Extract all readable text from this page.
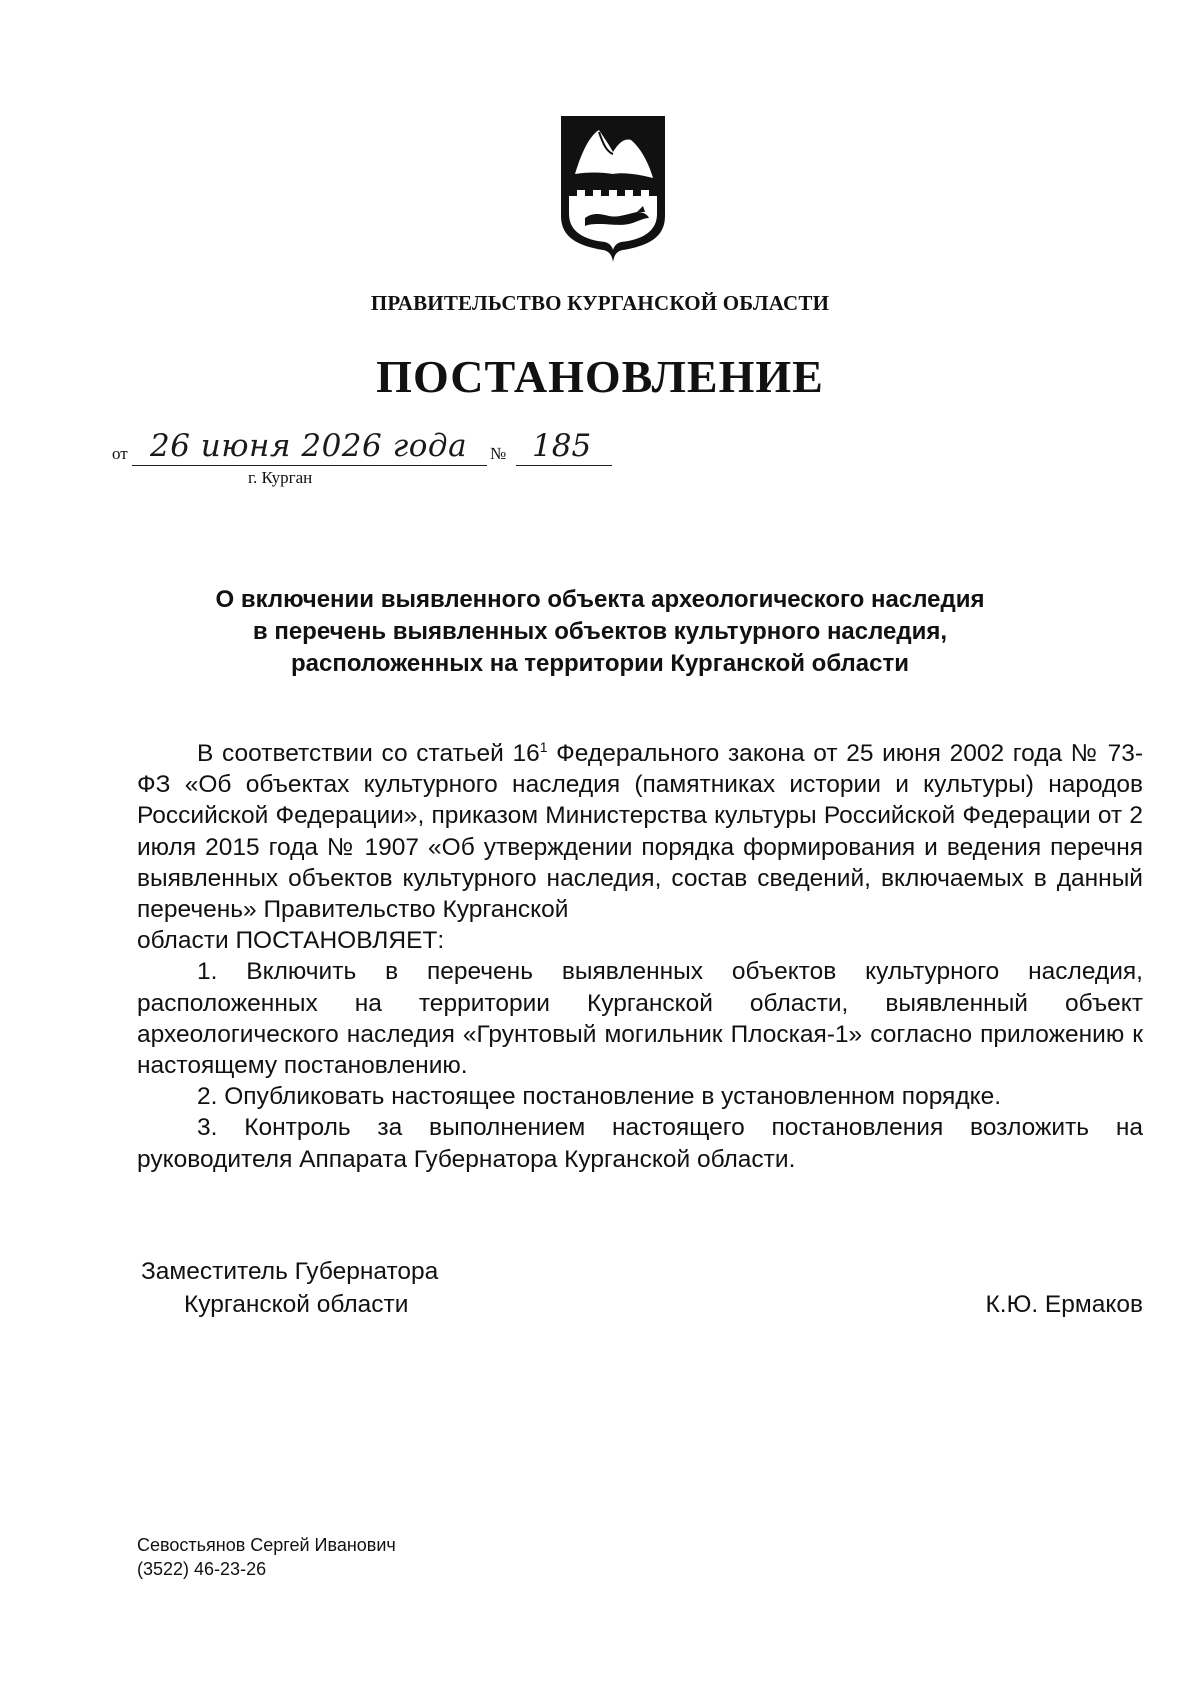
ПРАВИТЕЛЬСТВО КУРГАНСКОЙ ОБЛАСТИ
ПОСТАНОВЛЕНИЕ
от 26 июня 2026 года № 185
г. Курган
О включении выявленного объекта археологического наследия
в перечень выявленных объектов культурного наследия,
расположенных на территории Курганской области

В соответствии со статьей $16^1$ Федерального закона от 25 июня 2002 года № 73-ФЗ «Об объектах культурного наследия (памятниках истории и культуры) народов Российской Федерации», приказом Министерства культуры Российской Федерации от 2 июля 2015 года № 1907 «Об утверждении порядка формирования и ведения перечня выявленных объектов культурного наследия, состав сведений, включаемых в данный перечень» Правительство Курганской

области ПОСТАНОВЛЯЕТ:

1. Включить в перечень выявленных объектов культурного наследия, расположенных на территории Курганской области, выявленный объект археологического наследия «Грунтовый могильник Плоская-1» согласно приложению к настоящему постановлению.

2. Опубликовать настоящее постановление в установленном порядке.

3. Контроль за выполнением настоящего постановления возложить на руководителя Аппарата Губернатора Курганской области.

Заместитель Губернатора
Курганской области	К.Ю. Ермаков
Севостьянов Сергей Иванович
(3522) 46-23-26
